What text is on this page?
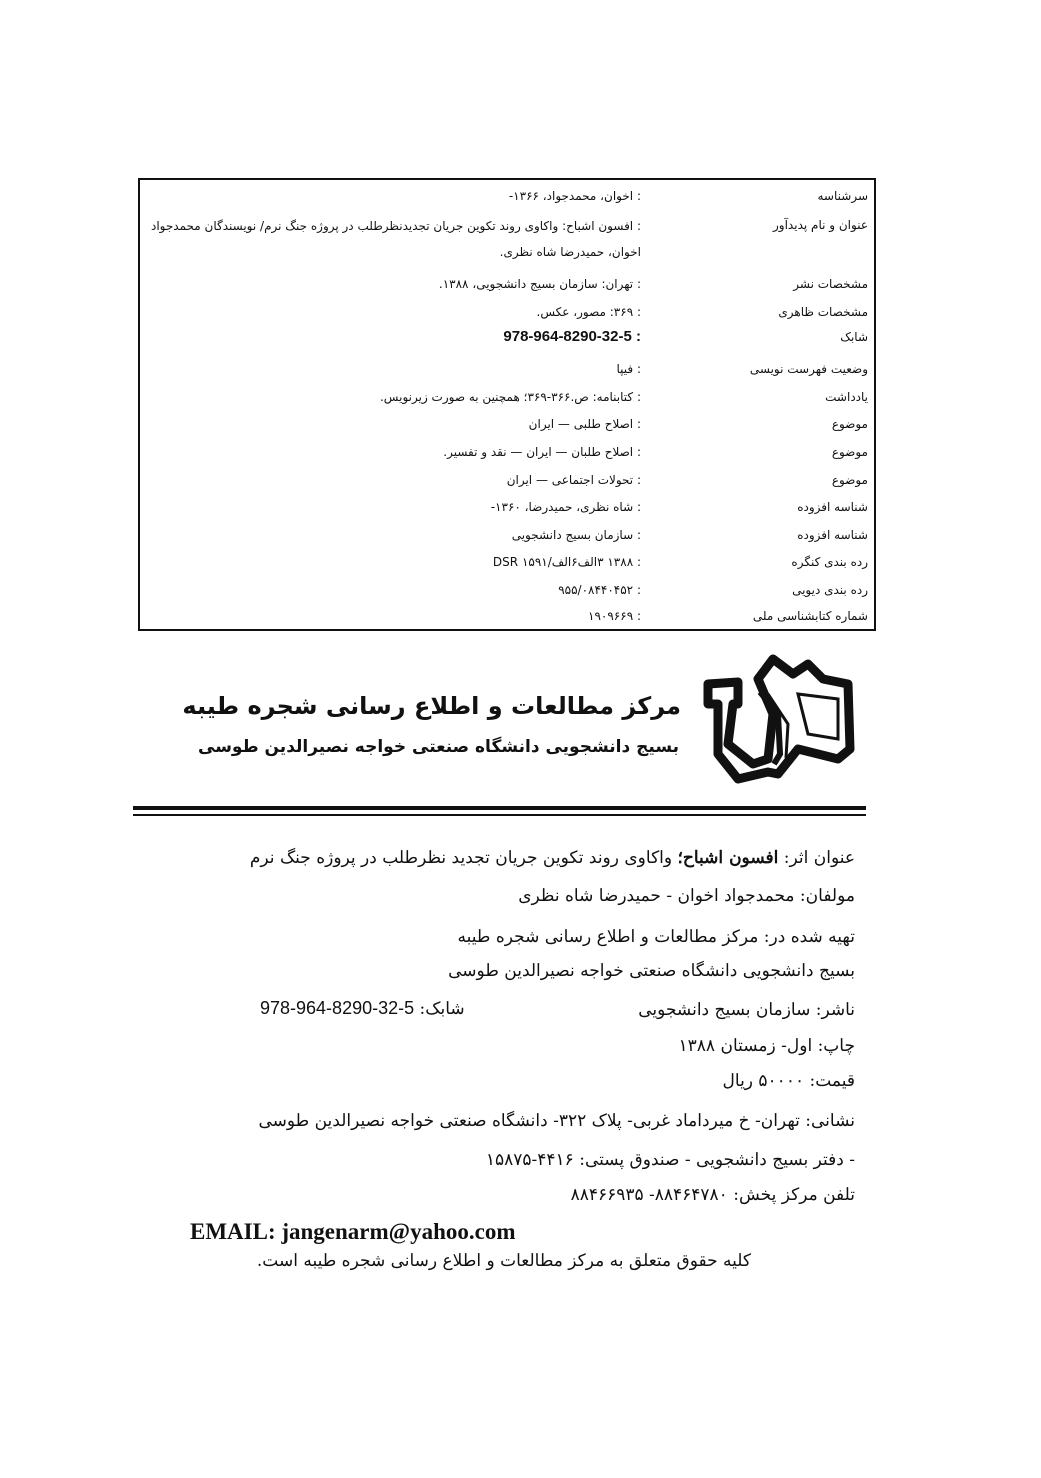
سرشناسه
: اخوان، محمدجواد، ۱۳۶۶-
عنوان و نام پدیدآور
: افسون اشباح: واکاوی روند تکوین جریان تجدیدنظرطلب در پروژه جنگ نرم/ نویسندگان محمدجواد اخوان، حمیدرضا شاه نظری.
مشخصات نشر
: تهران: سازمان بسیج دانشجویی، ۱۳۸۸.
مشخصات ظاهری
: ۳۶۹: مصور، عکس.
شابک
: 978-964-8290-32-5
وضعیت فهرست نویسی
: فیپا
یادداشت
: کتابنامه: ص.۳۶۶-۳۶۹؛ همچنین به صورت زیرنویس.
موضوع
: اصلاح طلبی — ایران
موضوع
: اصلاح طلبان — ایران — نقد و تفسیر.
موضوع
: تحولات اجتماعی — ایران
شناسه افزوده
: شاه نظری، حمیدرضا، ۱۳۶۰-
شناسه افزوده
: سازمان بسیج دانشجویی
رده بندی کنگره
: ۱۳۸۸ ۳الف۶الف/۱۵۹۱ DSR
رده بندی دیویی
: ۹۵۵/۰۸۴۴۰۴۵۲
شماره کتابشناسی ملی
: ۱۹۰۹۶۶۹
مرکز مطالعات و اطلاع رسانی شجره طیبه
بسیج دانشجویی دانشگاه صنعتی خواجه نصیرالدین طوسی
عنوان اثر: افسون اشباح؛ واکاوی روند تکوین جریان تجدید نظرطلب در پروژه جنگ نرم
مولفان: محمدجواد اخوان - حمیدرضا شاه نظری
تهیه شده در: مرکز مطالعات و اطلاع رسانی شجره طیبه
بسیج دانشجویی دانشگاه صنعتی خواجه نصیرالدین طوسی
ناشر: سازمان بسیج دانشجویی
شابک: 978-964-8290-32-5
چاپ: اول- زمستان ۱۳۸۸
قیمت: ۵۰۰۰۰ ریال
نشانی: تهران- خ میرداماد غربی- پلاک ۳۲۲- دانشگاه صنعتی خواجه نصیرالدین طوسی
- دفتر بسیج دانشجویی - صندوق پستی: ۴۴۱۶-۱۵۸۷۵
تلفن مرکز پخش: ۸۸۴۶۴۷۸۰- ۸۸۴۶۶۹۳۵
EMAIL: jangenarm@yahoo.com
کلیه حقوق متعلق به مرکز مطالعات و اطلاع رسانی شجره طیبه است.
